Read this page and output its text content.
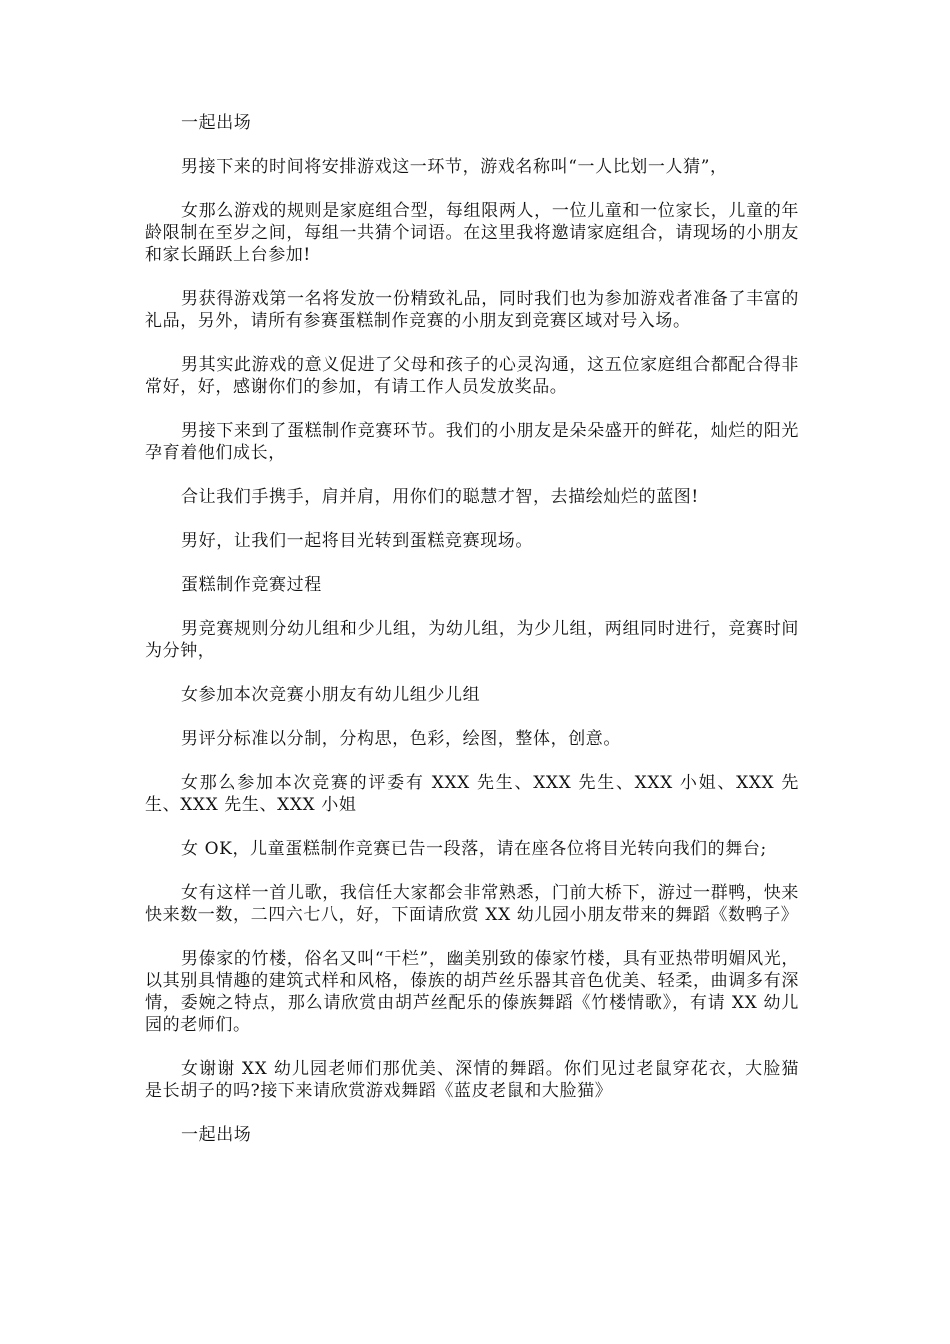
一起出场

男接下来的时间将安排游戏这一环节，游戏名称叫“一人比划一人猜”，

女那么游戏的规则是家庭组合型，每组限两人，一位儿童和一位家长，儿童的年龄限制在至岁之间，每组一共猜个词语。在这里我将邀请家庭组合，请现场的小朋友和家长踊跃上台参加!

男获得游戏第一名将发放一份精致礼品，同时我们也为参加游戏者准备了丰富的礼品，另外，请所有参赛蛋糕制作竞赛的小朋友到竞赛区域对号入场。

男其实此游戏的意义促进了父母和孩子的心灵沟通，这五位家庭组合都配合得非常好，好，感谢你们的参加，有请工作人员发放奖品。

男接下来到了蛋糕制作竞赛环节。我们的小朋友是朵朵盛开的鲜花，灿烂的阳光孕育着他们成长，

合让我们手携手，肩并肩，用你们的聪慧才智，去描绘灿烂的蓝图!

男好，让我们一起将目光转到蛋糕竞赛现场。

蛋糕制作竞赛过程

男竞赛规则分幼儿组和少儿组，为幼儿组，为少儿组，两组同时进行，竞赛时间为分钟，

女参加本次竞赛小朋友有幼儿组少儿组

男评分标准以分制，分构思，色彩，绘图，整体，创意。

女那么参加本次竞赛的评委有 XXX 先生、XXX 先生、XXX 小姐、XXX 先生、XXX 先生、XXX 小姐

女 OK，儿童蛋糕制作竞赛已告一段落，请在座各位将目光转向我们的舞台;

女有这样一首儿歌，我信任大家都会非常熟悉，门前大桥下，游过一群鸭，快来快来数一数，二四六七八，好，下面请欣赏 XX 幼儿园小朋友带来的舞蹈《数鸭子》

男傣家的竹楼，俗名又叫“干栏”，幽美别致的傣家竹楼，具有亚热带明媚风光，以其别具情趣的建筑式样和风格，傣族的胡芦丝乐器其音色优美、轻柔，曲调多有深情，委婉之特点，那么请欣赏由胡芦丝配乐的傣族舞蹈《竹楼情歌》，有请 XX 幼儿园的老师们。

女谢谢 XX 幼儿园老师们那优美、深情的舞蹈。你们见过老鼠穿花衣，大脸猫是长胡子的吗?接下来请欣赏游戏舞蹈《蓝皮老鼠和大脸猫》

一起出场
